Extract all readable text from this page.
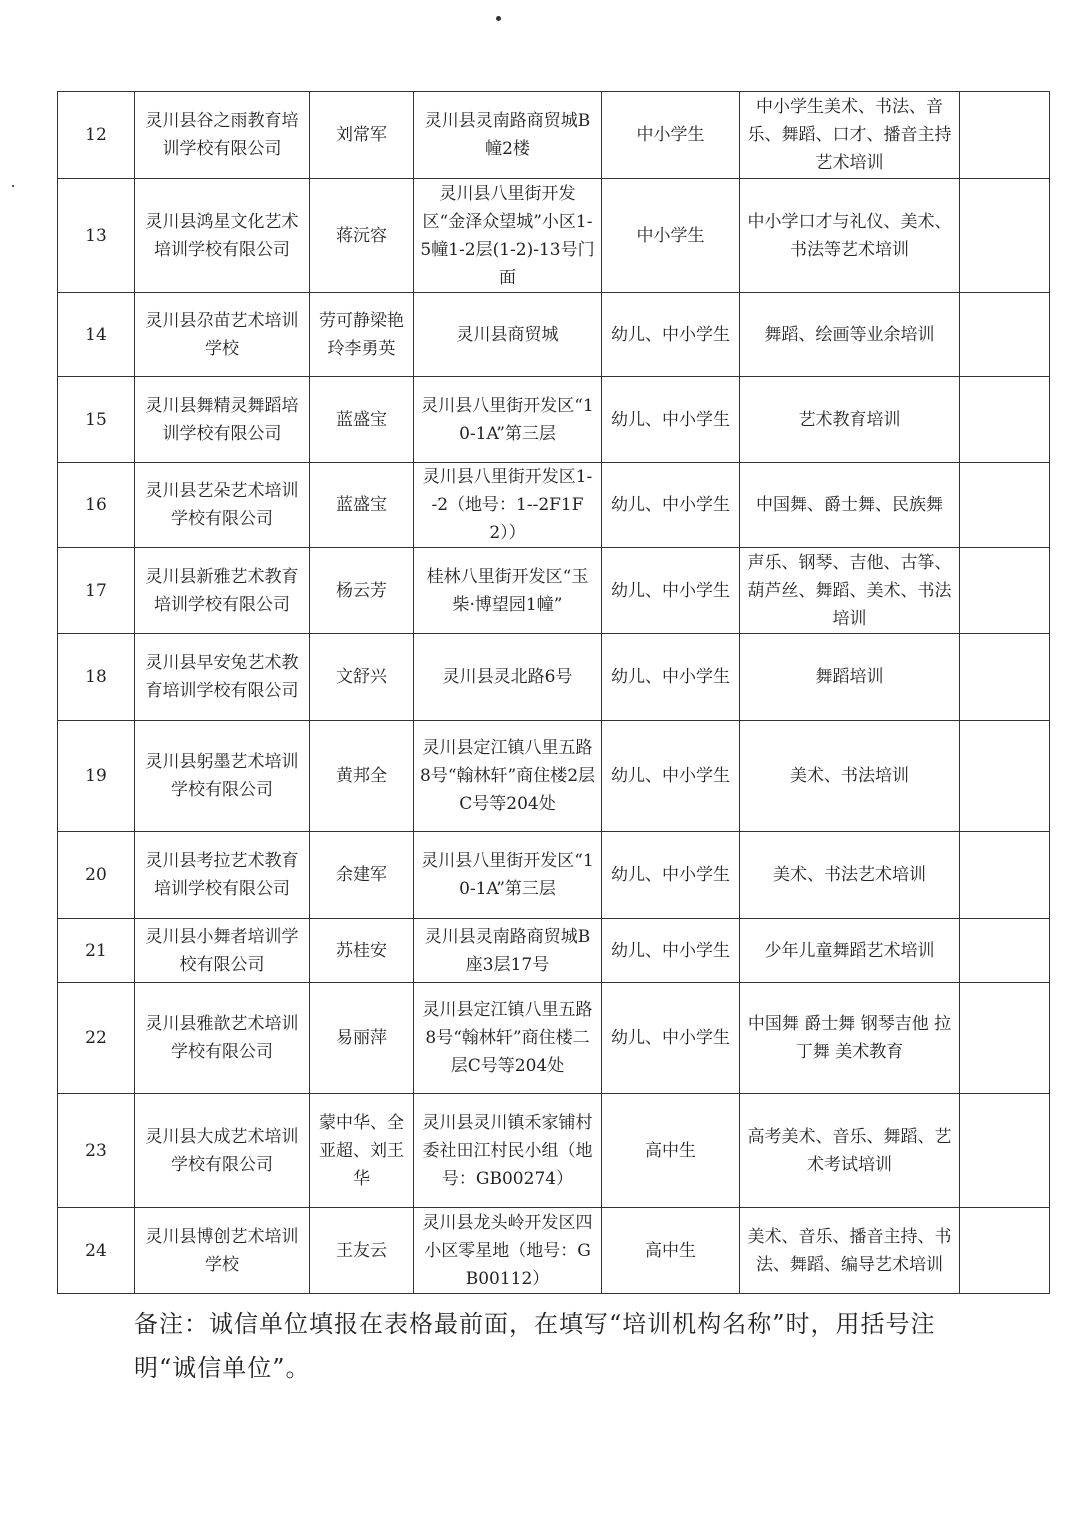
12	灵川县谷之雨教育培训学校有限公司	刘常军	灵川县灵南路商贸城B幢2楼	中小学生	中小学生美术、书法、音乐、舞蹈、口才、播音主持艺术培训	
13	灵川县鸿星文化艺术培训学校有限公司	蒋沅容	灵川县八里街开发区“金泽众望城”小区1-5幢1-2层(1-2)-13号门面	中小学生	中小学口才与礼仪、美术、书法等艺术培训	
14	灵川县尕苗艺术培训学校	劳可静梁艳玲李勇英	灵川县商贸城	幼儿、中小学生	舞蹈、绘画等业余培训	
15	灵川县舞精灵舞蹈培训学校有限公司	蓝盛宝	灵川县八里街开发区“10-1A”第三层	幼儿、中小学生	艺术教育培训	
16	灵川县艺朵艺术培训学校有限公司	蓝盛宝	灵川县八里街开发区1--2（地号：1--2F1F2））	幼儿、中小学生	中国舞、爵士舞、民族舞	
17	灵川县新雅艺术教育培训学校有限公司	杨云芳	桂林八里街开发区“玉柴·博望园1幢”	幼儿、中小学生	声乐、钢琴、吉他、古筝、葫芦丝、舞蹈、美术、书法培训	
18	灵川县早安兔艺术教育培训学校有限公司	文舒兴	灵川县灵北路6号	幼儿、中小学生	舞蹈培训	
19	灵川县躬墨艺术培训学校有限公司	黄邦全	灵川县定江镇八里五路8号“翰林轩”商住楼2层C号等204处	幼儿、中小学生	美术、书法培训	
20	灵川县考拉艺术教育培训学校有限公司	余建军	灵川县八里街开发区“10-1A”第三层	幼儿、中小学生	美术、书法艺术培训	
21	灵川县小舞者培训学校有限公司	苏桂安	灵川县灵南路商贸城B座3层17号	幼儿、中小学生	少年儿童舞蹈艺术培训	
22	灵川县雅歆艺术培训学校有限公司	易丽萍	灵川县定江镇八里五路8号“翰林轩”商住楼二层C号等204处	幼儿、中小学生	中国舞 爵士舞 钢琴吉他 拉丁舞 美术教育	
23	灵川县大成艺术培训学校有限公司	蒙中华、全亚超、刘王华	灵川县灵川镇禾家铺村委社田江村民小组（地号：GB00274）	高中生	高考美术、音乐、舞蹈、艺术考试培训	
24	灵川县博创艺术培训学校	王友云	灵川县龙头岭开发区四小区零星地（地号：GB00112）	高中生	美术、音乐、播音主持、书法、舞蹈、编导艺术培训	
备注：诚信单位填报在表格最前面，在填写“培训机构名称”时，用括号注明“诚信单位”。
